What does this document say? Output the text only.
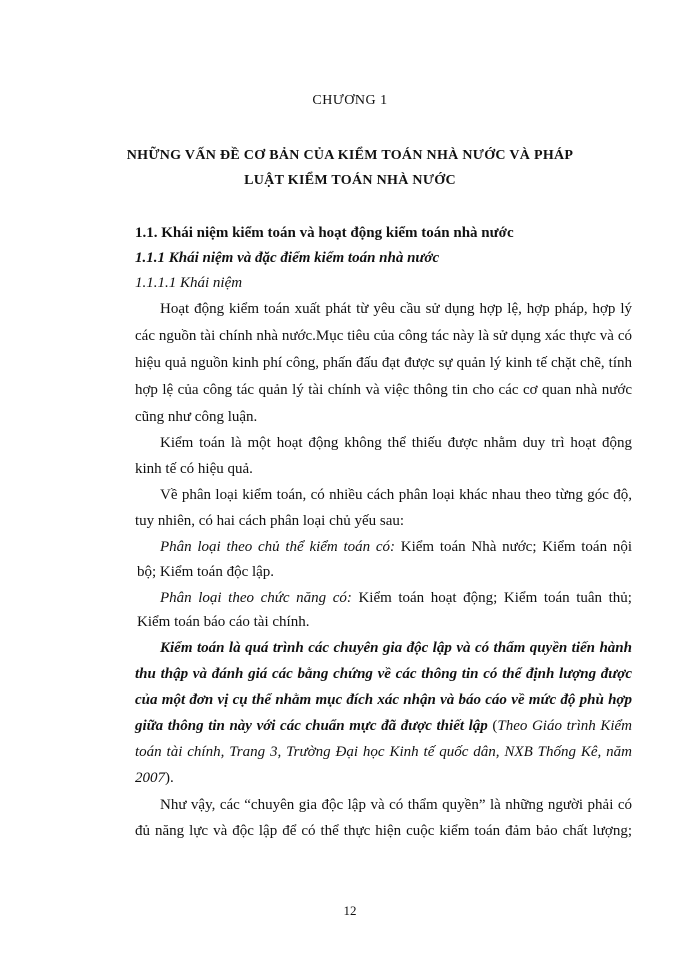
CHƯƠNG 1
NHỮNG VẤN ĐỀ CƠ BẢN CỦA KIỂM TOÁN NHÀ NƯỚC VÀ PHÁP
LUẬT KIỂM TOÁN NHÀ NƯỚC
1.1. Khái niệm kiểm toán và hoạt động kiểm toán nhà nước
1.1.1 Khái niệm và đặc điểm kiểm toán nhà nước
1.1.1.1 Khái niệm
Hoạt động kiểm toán xuất phát từ yêu cầu sử dụng hợp lệ, hợp pháp, hợp lý
các nguồn tài chính nhà nước.Mục tiêu của công tác này là sử dụng xác thực và có
hiệu quả nguồn kinh phí công, phấn đấu đạt được sự quản lý kinh tế chặt chẽ, tính
hợp lệ của công tác quản lý tài chính và việc thông tin cho các cơ quan nhà nước
cũng như công luận.
Kiểm toán là một hoạt động không thể thiếu được nhằm duy trì hoạt động
kinh tế có hiệu quả.
Về phân loại kiểm toán, có nhiều cách phân loại khác nhau theo từng góc độ,
tuy nhiên, có hai cách phân loại chủ yếu sau:
Phân loại theo chủ thể kiểm toán có: Kiểm toán Nhà nước; Kiểm toán nội
bộ; Kiểm toán độc lập.
Phân loại theo chức năng có: Kiểm toán hoạt động; Kiểm toán tuân thủ;
Kiểm toán báo cáo tài chính.
Kiểm toán là quá trình các chuyên gia độc lập và có thẩm quyền tiến hành
thu thập và đánh giá các bằng chứng về các thông tin có thể định lượng được
của một đơn vị cụ thể nhằm mục đích xác nhận và báo cáo về mức độ phù hợp
giữa thông tin này với các chuẩn mực đã được thiết lập (Theo Giáo trình Kiểm
toán tài chính, Trang 3, Trường Đại học Kinh tế quốc dân, NXB Thống Kê, năm
2007).
Như vậy, các “chuyên gia độc lập và có thẩm quyền” là những người phải có
đủ năng lực và độc lập để có thể thực hiện cuộc kiểm toán đảm bảo chất lượng;
12
